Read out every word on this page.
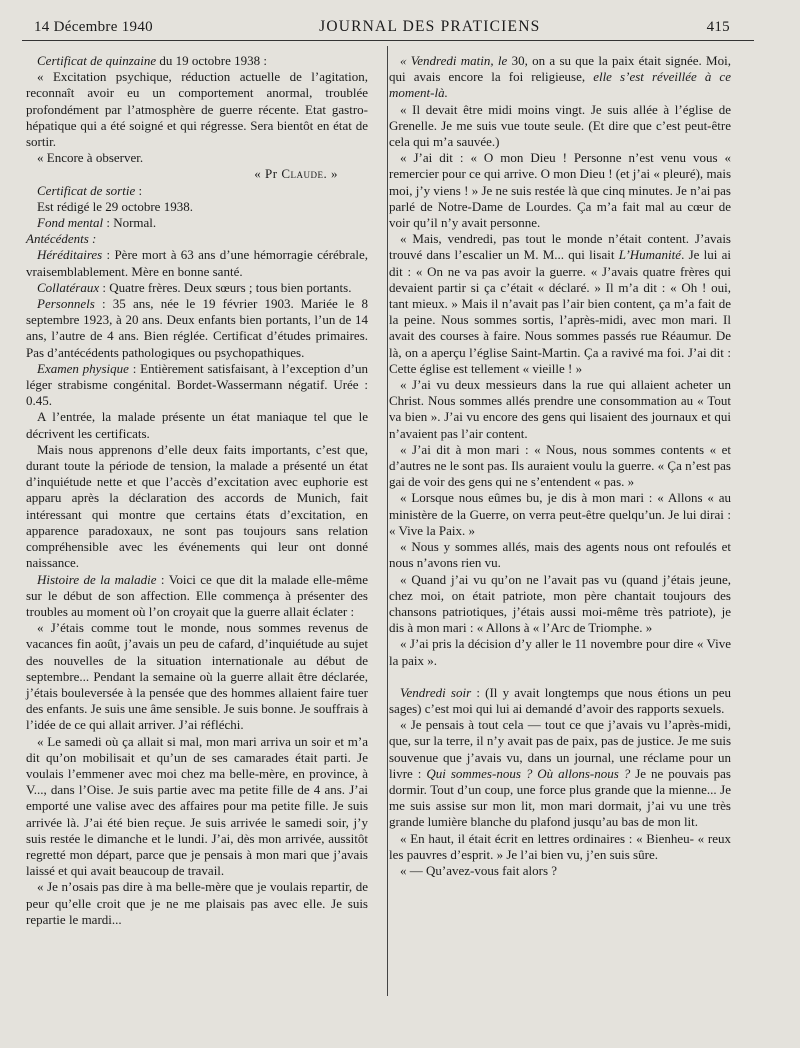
14 Décembre 1940	JOURNAL DES PRATICIENS	415

Certificat de quinzaine du 19 octobre 1938 :

« Excitation psychique, réduction actuelle de l’agitation, reconnaît avoir eu un comportement anormal, troublée profondément par l’atmosphère de guerre récente. Etat gastro-hépatique qui a été soigné et qui régresse. Sera bientôt en état de sortir.

« Encore à observer.

« Pr Claude. »

Certificat de sortie :

Est rédigé le 29 octobre 1938.

Fond mental : Normal.

Antécédents :

Héréditaires : Père mort à 63 ans d’une hémorragie cérébrale, vraisemblablement. Mère en bonne santé.

Collatéraux : Quatre frères. Deux sœurs ; tous bien portants.

Personnels : 35 ans, née le 19 février 1903. Mariée le 8 septembre 1923, à 20 ans. Deux enfants bien portants, l’un de 14 ans, l’autre de 4 ans. Bien réglée. Certificat d’études primaires. Pas d’antécédents pathologiques ou psychopathiques.

Examen physique : Entièrement satisfaisant, à l’exception d’un léger strabisme congénital. Bordet-Wassermann négatif. Urée : 0.45.

A l’entrée, la malade présente un état maniaque tel que le décrivent les certificats.

Mais nous apprenons d’elle deux faits importants, c’est que, durant toute la période de tension, la malade a présenté un état d’inquiétude nette et que l’accès d’excitation avec euphorie est apparu après la déclaration des accords de Munich, fait intéressant qui montre que certains états d’excitation, en apparence paradoxaux, ne sont pas toujours sans relation compréhensible avec les événements qui leur ont donné naissance.

Histoire de la maladie : Voici ce que dit la malade elle-même sur le début de son affection. Elle commença à présenter des troubles au moment où l’on croyait que la guerre allait éclater :

« J’étais comme tout le monde, nous sommes revenus de vacances fin août, j’avais un peu de cafard, d’inquiétude au sujet des nouvelles de la situation internationale au début de septembre... Pendant la semaine où la guerre allait être déclarée, j’étais bouleversée à la pensée que des hommes allaient faire tuer des enfants. Je suis une âme sensible. Je suis bonne. Je souffrais à l’idée de ce qui allait arriver. J’ai réfléchi.

« Le samedi où ça allait si mal, mon mari arriva un soir et m’a dit qu’on mobilisait et qu’un de ses camarades était parti. Je voulais l’emmener avec moi chez ma belle-mère, en province, à V..., dans l’Oise. Je suis partie avec ma petite fille de 4 ans. J’ai emporté une valise avec des affaires pour ma petite fille. Je suis arrivée là. J’ai été bien reçue. Je suis arrivée le samedi soir, j’y suis restée le dimanche et le lundi. J’ai, dès mon arrivée, aussitôt regretté mon départ, parce que je pensais à mon mari que j’avais laissé et qui avait beaucoup de travail.

« Je n’osais pas dire à ma belle-mère que je voulais repartir, de peur qu’elle croit que je ne me plaisais pas avec elle. Je suis repartie le mardi...

« Vendredi matin, le 30, on a su que la paix était signée. Moi, qui avais encore la foi religieuse, elle s’est réveillée à ce moment-là.

« Il devait être midi moins vingt. Je suis allée à l’église de Grenelle. Je me suis vue toute seule. (Et dire que c’est peut-être cela qui m’a sauvée.)

« J’ai dit : « O mon Dieu ! Personne n’est venu vous « remercier pour ce qui arrive. O mon Dieu ! (et j’ai « pleuré), mais moi, j’y viens ! » Je ne suis restée là que cinq minutes. Je n’ai pas parlé de Notre-Dame de Lourdes. Ça m’a fait mal au cœur de voir qu’il n’y avait personne.

« Mais, vendredi, pas tout le monde n’était content. J’avais trouvé dans l’escalier un M. M... qui lisait L’Humanité. Je lui ai dit : « On ne va pas avoir la guerre. « J’avais quatre frères qui devaient partir si ça c’était « déclaré. » Il m’a dit : « Oh ! oui, tant mieux. » Mais il n’avait pas l’air bien content, ça m’a fait de la peine. Nous sommes sortis, l’après-midi, avec mon mari. Il avait des courses à faire. Nous sommes passés rue Réaumur. De là, on a aperçu l’église Saint-Martin. Ça a ravivé ma foi. J’ai dit : Cette église est tellement « vieille ! »

« J’ai vu deux messieurs dans la rue qui allaient acheter un Christ. Nous sommes allés prendre une consommation au « Tout va bien ». J’ai vu encore des gens qui lisaient des journaux et qui n’avaient pas l’air content.

« J’ai dit à mon mari : « Nous, nous sommes contents « et d’autres ne le sont pas. Ils auraient voulu la guerre. « Ça n’est pas gai de voir des gens qui ne s’entendent « pas. »

« Lorsque nous eûmes bu, je dis à mon mari : « Allons « au ministère de la Guerre, on verra peut-être quelqu’un. Je lui dirai : « Vive la Paix. »

« Nous y sommes allés, mais des agents nous ont refoulés et nous n’avons rien vu.

« Quand j’ai vu qu’on ne l’avait pas vu (quand j’étais jeune, chez moi, on était patriote, mon père chantait toujours des chansons patriotiques, j’étais aussi moi-même très patriote), je dis à mon mari : « Allons à « l’Arc de Triomphe. »

« J’ai pris la décision d’y aller le 11 novembre pour dire « Vive la paix ».

Vendredi soir : (Il y avait longtemps que nous étions un peu sages) c’est moi qui lui ai demandé d’avoir des rapports sexuels.

« Je pensais à tout cela — tout ce que j’avais vu l’après-midi, que, sur la terre, il n’y avait pas de paix, pas de justice. Je me suis souvenue que j’avais vu, dans un journal, une réclame pour un livre : Qui sommes-nous ? Où allons-nous ? Je ne pouvais pas dormir. Tout d’un coup, une force plus grande que la mienne... Je me suis assise sur mon lit, mon mari dormait, j’ai vu une très grande lumière blanche du plafond jusqu’au bas de mon lit.

« En haut, il était écrit en lettres ordinaires : « Bienheu- « reux les pauvres d’esprit. » Je l’ai bien vu, j’en suis sûre.

« — Qu’avez-vous fait alors ?
